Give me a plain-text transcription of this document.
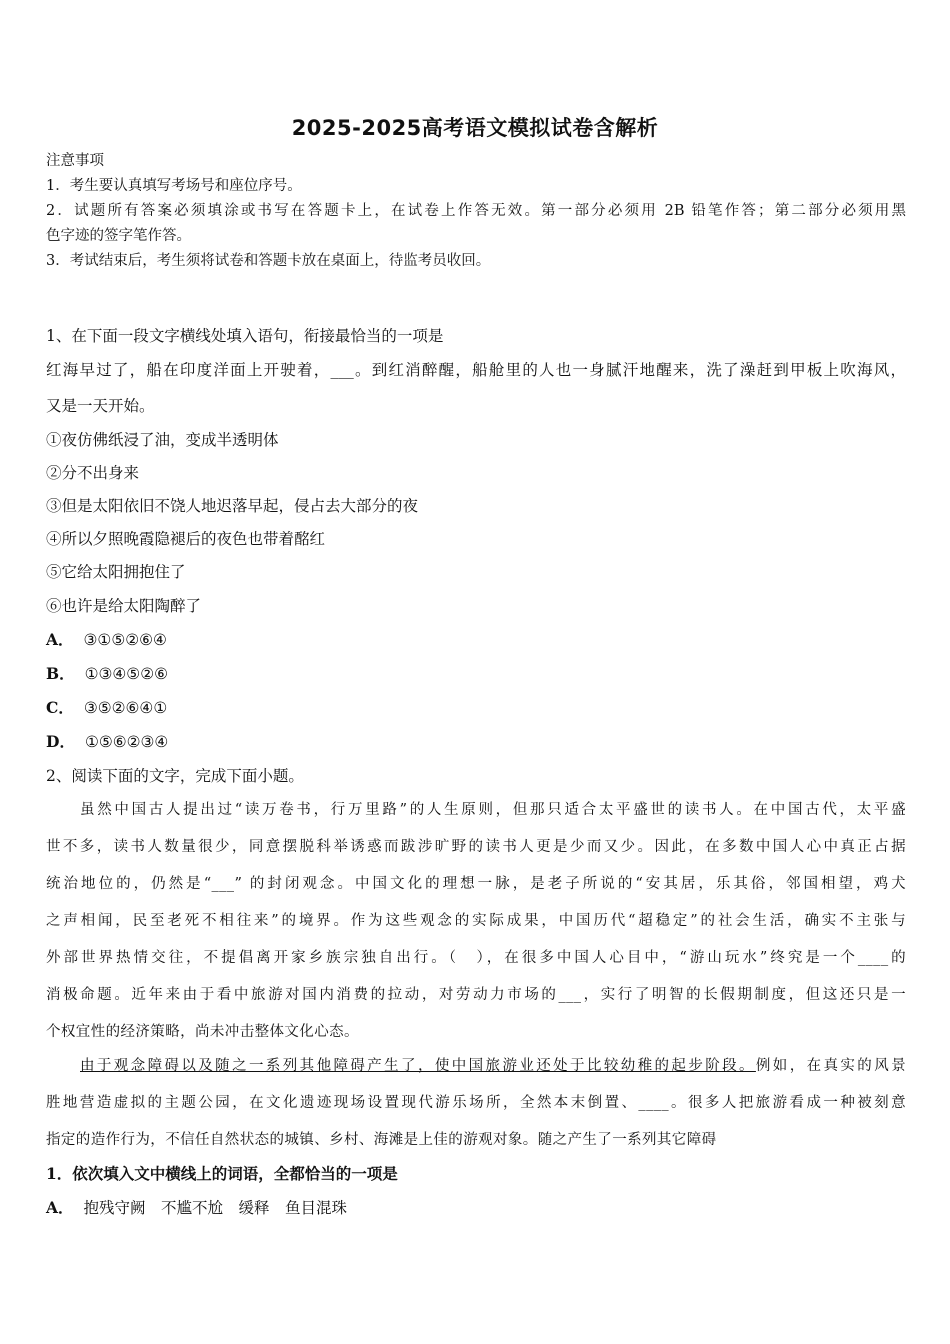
2025-2025高考语文模拟试卷含解析
注意事项
1．考生要认真填写考场号和座位序号。
2．试题所有答案必须填涂或书写在答题卡上，在试卷上作答无效。第一部分必须用 2B 铅笔作答；第二部分必须用黑
色字迹的签字笔作答。
3．考试结束后，考生须将试卷和答题卡放在桌面上，待监考员收回。
1、在下面一段文字横线处填入语句，衔接最恰当的一项是
红海早过了，船在印度洋面上开驶着，___。到红消醉醒，船舱里的人也一身腻汗地醒来，洗了澡赶到甲板上吹海风，
又是一天开始。
①夜仿佛纸浸了油，变成半透明体
②分不出身来
③但是太阳依旧不饶人地迟落早起，侵占去大部分的夜
④所以夕照晚霞隐褪后的夜色也带着酩红
⑤它给太阳拥抱住了
⑥也许是给太阳陶醉了
A． ③①⑤②⑥④
B． ①③④⑤②⑥
C． ③⑤②⑥④①
D． ①⑤⑥②③④
2、阅读下面的文字，完成下面小题。
虽然中国古人提出过“读万卷书，行万里路”的人生原则，但那只适合太平盛世的读书人。在中国古代，太平盛
世不多，读书人数量很少，同意摆脱科举诱惑而跋涉旷野的读书人更是少而又少。因此，在多数中国人心中真正占据
统治地位的，仍然是“___” 的封闭观念。中国文化的理想一脉，是老子所说的“安其居，乐其俗，邻国相望，鸡犬
之声相闻，民至老死不相往来”的境界。作为这些观念的实际成果，中国历代“超稳定”的社会生活，确实不主张与
外部世界热情交往，不提倡离开家乡族宗独自出行。（　），在很多中国人心目中，“游山玩水”终究是一个____的
消极命题。近年来由于看中旅游对国内消费的拉动，对劳动力市场的___，实行了明智的长假期制度，但这还只是一
个权宜性的经济策略，尚未冲击整体文化心态。
由于观念障碍以及随之一系列其他障碍产生了，使中国旅游业还处于比较幼稚的起步阶段。例如，在真实的风景
胜地营造虚拟的主题公园，在文化遗迹现场设置现代游乐场所，全然本末倒置、____。很多人把旅游看成一种被刻意
指定的造作行为，不信任自然状态的城镇、乡村、海滩是上佳的游观对象。随之产生了一系列其它障碍
1．依次填入文中横线上的词语，全都恰当的一项是
A． 抱残守阙　不尴不尬　缓释　鱼目混珠
